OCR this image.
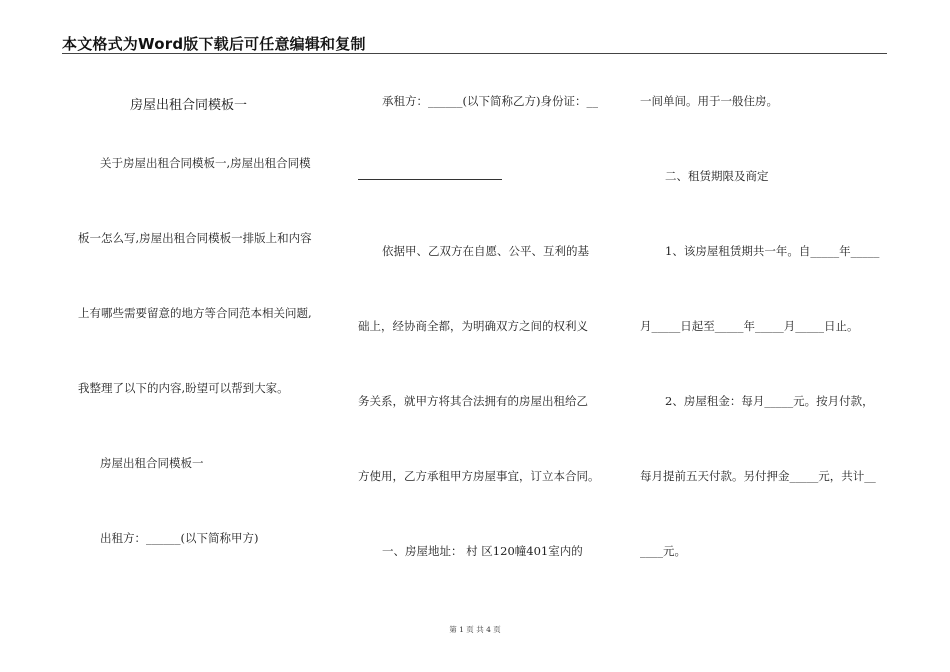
本文格式为Word版下载后可任意编辑和复制
房屋出租合同模板一
关于房屋出租合同模板一,房屋出租合同模
板一怎么写,房屋出租合同模板一排版上和内容
上有哪些需要留意的地方等合同范本相关问题,
我整理了以下的内容,盼望可以帮到大家。
房屋出租合同模板一
出租方：______(以下简称甲方)
承租方：______(以下简称乙方)身份证：__
依据甲、乙双方在自愿、公平、互利的基
础上，经协商全都，为明确双方之间的权利义
务关系，就甲方将其合法拥有的房屋出租给乙
方使用，乙方承租甲方房屋事宜，订立本合同。
一、房屋地址： 村 区120幢401室内的
一间单间。用于一般住房。
二、租赁期限及商定
1、该房屋租赁期共一年。自_____年_____
月_____日起至_____年_____月_____日止。
2、房屋租金：每月_____元。按月付款，
每月提前五天付款。另付押金_____元，共计__
____元。
第 1 页 共 4 页
